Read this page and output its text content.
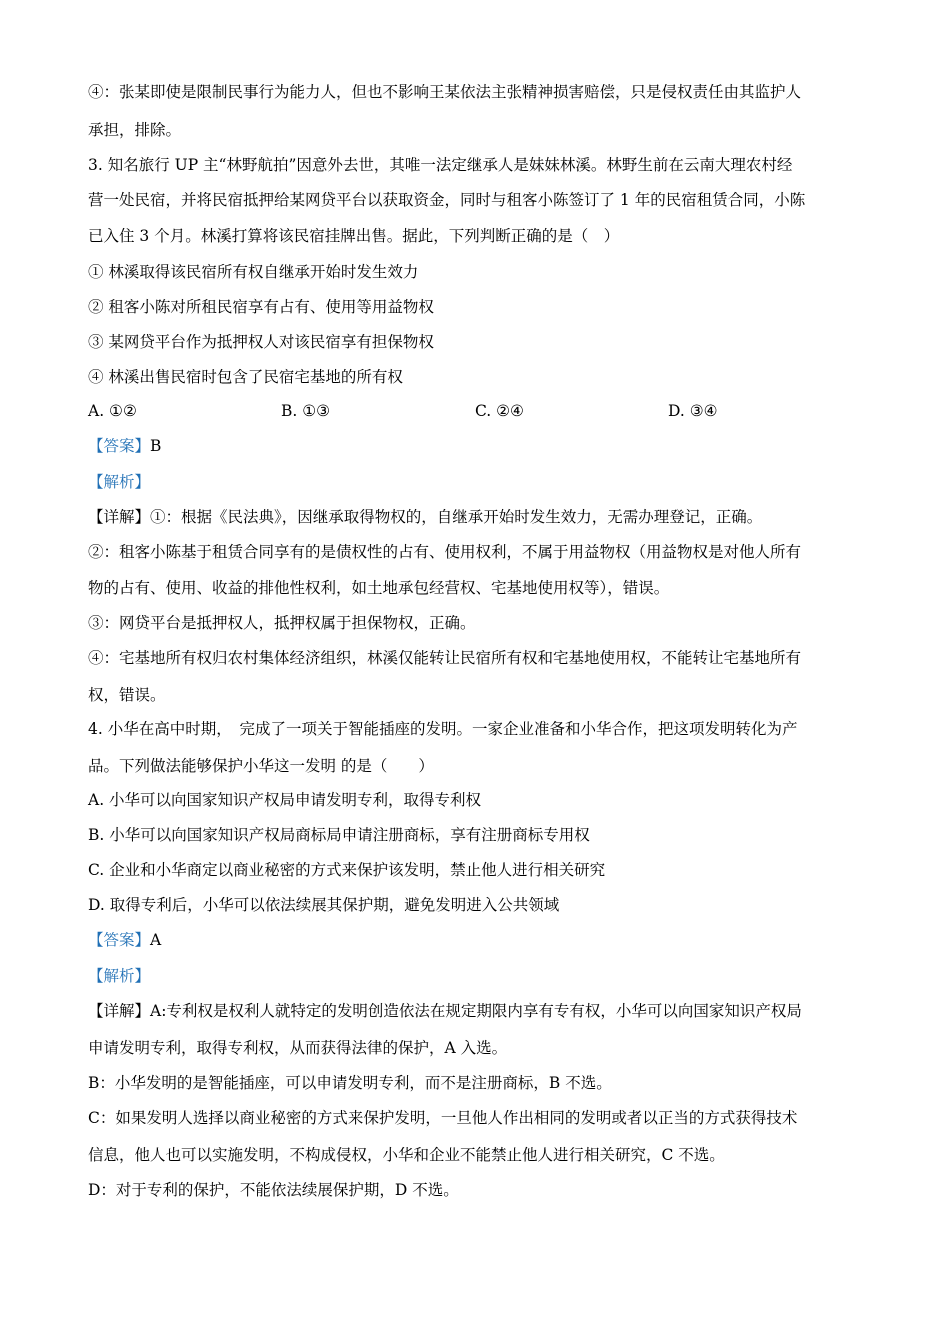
④：张某即使是限制民事行为能力人，但也不影响王某依法主张精神损害赔偿，只是侵权责任由其监护人
承担，排除。
3. 知名旅行 UP 主“林野航拍”因意外去世，其唯一法定继承人是妹妹林溪。林野生前在云南大理农村经
营一处民宿，并将民宿抵押给某网贷平台以获取资金，同时与租客小陈签订了 1 年的民宿租赁合同，小陈
已入住 3 个月。林溪打算将该民宿挂牌出售。据此，下列判断正确的是（　）
① 林溪取得该民宿所有权自继承开始时发生效力
② 租客小陈对所租民宿享有占有、使用等用益物权
③ 某网贷平台作为抵押权人对该民宿享有担保物权
④ 林溪出售民宿时包含了民宿宅基地的所有权
A. ①②	B. ①③	C. ②④	D. ③④
【答案】B
【解析】
【详解】①：根据《民法典》，因继承取得物权的，自继承开始时发生效力，无需办理登记，正确。
②：租客小陈基于租赁合同享有的是债权性的占有、使用权利，不属于用益物权（用益物权是对他人所有
物的占有、使用、收益的排他性权利，如土地承包经营权、宅基地使用权等），错误。
③：网贷平台是抵押权人，抵押权属于担保物权，正确。
④：宅基地所有权归农村集体经济组织，林溪仅能转让民宿所有权和宅基地使用权，不能转让宅基地所有
权，错误。
4. 小华在高中时期，　完成了一项关于智能插座的发明。一家企业准备和小华合作，把这项发明转化为产
品。下列做法能够保护小华这一发明 的是（　　）
A. 小华可以向国家知识产权局申请发明专利，取得专利权
B. 小华可以向国家知识产权局商标局申请注册商标，享有注册商标专用权
C. 企业和小华商定以商业秘密的方式来保护该发明，禁止他人进行相关研究
D. 取得专利后，小华可以依法续展其保护期，避免发明进入公共领域
【答案】A
【解析】
【详解】A:专利权是权利人就特定的发明创造依法在规定期限内享有专有权，小华可以向国家知识产权局
申请发明专利，取得专利权，从而获得法律的保护，A 入选。
B：小华发明的是智能插座，可以申请发明专利，而不是注册商标，B 不选。
C：如果发明人选择以商业秘密的方式来保护发明，一旦他人作出相同的发明或者以正当的方式获得技术
信息，他人也可以实施发明，不构成侵权，小华和企业不能禁止他人进行相关研究，C 不选。
D：对于专利的保护，不能依法续展保护期，D 不选。
